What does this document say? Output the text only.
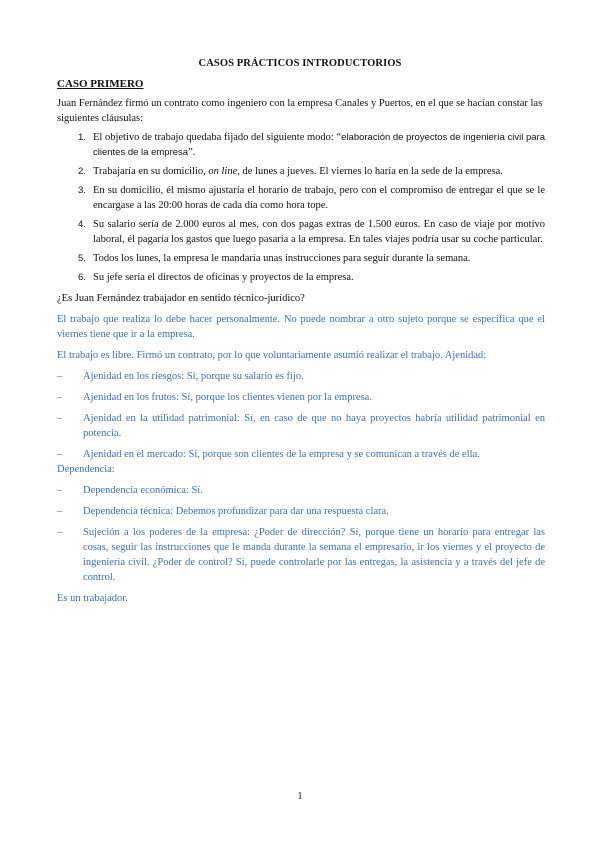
CASOS PRÁCTICOS INTRODUCTORIOS
CASO PRIMERO

Juan Fernández firmó un contrato como ingeniero con la empresa Canales y Puertos, en el que se hacían constar las siguientes cláusulas:

1. El objetivo de trabajo quedaba fijado del siguiente modo: “elaboración de proyectos de ingeniería civil para clientes de la empresa”.
2. Trabajaría en su domicilio, on line, de lunes a jueves. El viernes lo haría en la sede de la empresa.
3. En su domicilio, él mismo ajustaría el horario de trabajo, pero con el compromiso de entregar el que se le encargase a las 20:00 horas de cada día como hora tope.
4. Su salario sería de 2.000 euros al mes, con dos pagas extras de 1.500 euros. En caso de viaje por motivo laboral, él pagaría los gastos que luego pasaría a la empresa. En tales viajes podría usar su coche particular.
5. Todos los lunes, la empresa le mandaría unas instrucciones para seguir durante la semana.
6. Su jefe sería el directos de oficinas y proyectos de la empresa.

¿Es Juan Fernández trabajador en sentido técnico-jurídico?

El trabajo que realiza lo debe hacer personalmente. No puede nombrar a otro sujeto porque se especifica que el viernes tiene que ir a la empresa.

El trabajo es libre. Firmó un contrato, por lo que voluntariamente asumió realizar el trabajo. Ajenidad:

– Ajenidad en los riesgos: Sí, porque su salario es fijo.
– Ajenidad en los frutos: Sí, porque los clientes vienen por la empresa.
– Ajenidad en la utilidad patrimonial: Sí, en caso de que no haya proyectos habría utilidad patrimonial en potencia.
– Ajenidad en el mercado: Sí, porque son clientes de la empresa y se comunican a través de ella.

Dependencia:

– Dependencia económica: Sí.
– Dependencia técnica: Debemos profundizar para dar una respuesta clara.
– Sujeción a los poderes de la empresa: ¿Poder de dirección? Sí, porque tiene un horario para entregar las cosas, seguir las instrucciones que le manda durante la semana el empresario, ir los viernes y el proyecto de ingeniería civil. ¿Poder de control? Sí, puede controlarle por las entregas, la asistencia y a través del jefe de control.

Es un trabajador.

1
